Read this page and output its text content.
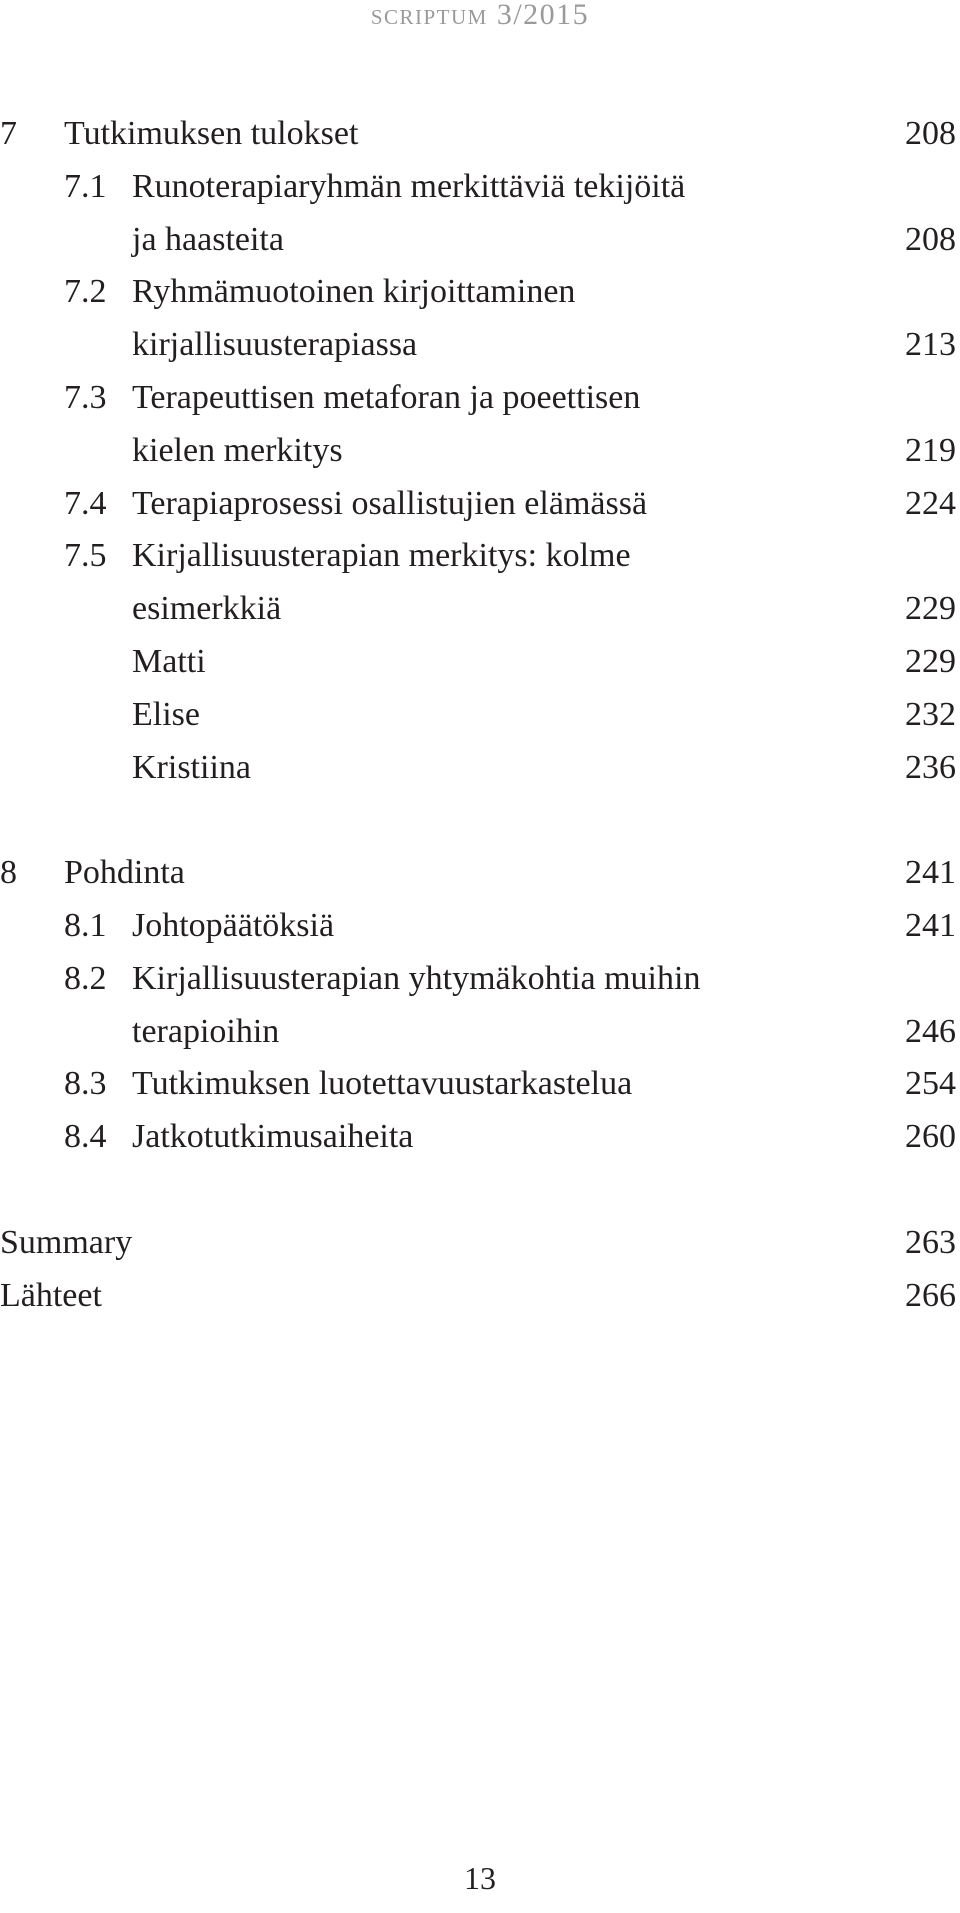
scriptum 3/2015
7 Tutkimuksen tulokset	208
7.1 Runoterapiaryhmän merkittäviä tekijöitä
ja haasteita	208
7.2 Ryhmämuotoinen kirjoittaminen
kirjallisuusterapiassa	213
7.3 Terapeuttisen metaforan ja poeettisen
kielen merkitys	219
7.4 Terapiaprosessi osallistujien elämässä	224
7.5 Kirjallisuusterapian merkitys: kolme
esimerkkiä	229
Matti	229
Elise	232
Kristiina	236
8 Pohdinta	241
8.1 Johtopäätöksiä	241
8.2 Kirjallisuusterapian yhtymäkohtia muihin
terapioihin	246
8.3 Tutkimuksen luotettavuustarkastelua	254
8.4 Jatkotutkimusaiheita	260
Summary	263
Lähteet	266
13
